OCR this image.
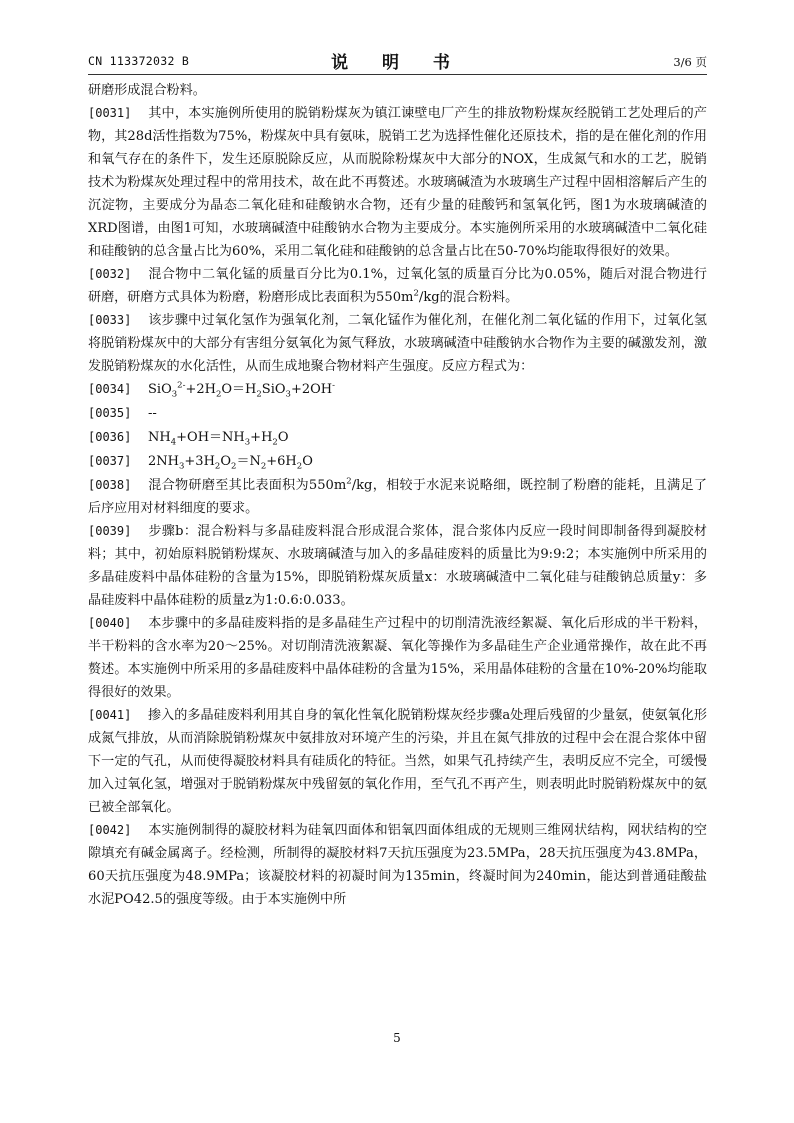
CN 113372032 B	说 明 书	3/6 页

研磨形成混合粉料。

[0031] 其中，本实施例所使用的脱销粉煤灰为镇江谏壁电厂产生的排放物粉煤灰经脱销工艺处理后的产物，其28d活性指数为75%，粉煤灰中具有氨味，脱销工艺为选择性催化还原技术，指的是在催化剂的作用和氧气存在的条件下，发生还原脱除反应，从而脱除粉煤灰中大部分的NOX，生成氮气和水的工艺，脱销技术为粉煤灰处理过程中的常用技术，故在此不再赘述。水玻璃碱渣为水玻璃生产过程中固相溶解后产生的沉淀物，主要成分为晶态二氧化硅和硅酸钠水合物，还有少量的硅酸钙和氢氧化钙，图1为水玻璃碱渣的XRD图谱，由图1可知，水玻璃碱渣中硅酸钠水合物为主要成分。本实施例所采用的水玻璃碱渣中二氧化硅和硅酸钠的总含量占比为60%，采用二氧化硅和硅酸钠的总含量占比在50-70%均能取得很好的效果。

[0032] 混合物中二氧化锰的质量百分比为0.1%，过氧化氢的质量百分比为0.05%，随后对混合物进行研磨，研磨方式具体为粉磨，粉磨形成比表面积为$550m^2/kg$的混合粉料。

[0033] 该步骤中过氧化氢作为强氧化剂，二氧化锰作为催化剂，在催化剂二氧化锰的作用下，过氧化氢将脱销粉煤灰中的大部分有害组分氨氧化为氮气释放，水玻璃碱渣中硅酸钠水合物作为主要的碱激发剂，激发脱销粉煤灰的水化活性，从而生成地聚合物材料产生强度。反应方程式为：

[0034] $SiO_3^{2-}+2H_2O=H_2SiO_3+2OH^-$

[0035] --

[0036] $NH_4+OH=NH_3+H_2O$

[0037] $2NH_3+3H_2O_2=N_2+6H_2O$

[0038] 混合物研磨至其比表面积为$550m^2/kg$，相较于水泥来说略细，既控制了粉磨的能耗，且满足了后序应用对材料细度的要求。

[0039] 步骤b：混合粉料与多晶硅废料混合形成混合浆体，混合浆体内反应一段时间即制备得到凝胶材料；其中，初始原料脱销粉煤灰、水玻璃碱渣与加入的多晶硅废料的质量比为9:9:2；本实施例中所采用的多晶硅废料中晶体硅粉的含量为15%，即脱销粉煤灰质量x：水玻璃碱渣中二氧化硅与硅酸钠总质量y：多晶硅废料中晶体硅粉的质量z为1:0.6:0.033。

[0040] 本步骤中的多晶硅废料指的是多晶硅生产过程中的切削清洗液经絮凝、氧化后形成的半干粉料，半干粉料的含水率为20～25%。对切削清洗液絮凝、氧化等操作为多晶硅生产企业通常操作，故在此不再赘述。本实施例中所采用的多晶硅废料中晶体硅粉的含量为15%，采用晶体硅粉的含量在10%-20%均能取得很好的效果。

[0041] 掺入的多晶硅废料利用其自身的氧化性氧化脱销粉煤灰经步骤a处理后残留的少量氨，使氨氧化形成氮气排放，从而消除脱销粉煤灰中氨排放对环境产生的污染，并且在氮气排放的过程中会在混合浆体中留下一定的气孔，从而使得凝胶材料具有硅质化的特征。当然，如果气孔持续产生，表明反应不完全，可缓慢加入过氧化氢，增强对于脱销粉煤灰中残留氨的氧化作用，至气孔不再产生，则表明此时脱销粉煤灰中的氨已被全部氧化。

[0042] 本实施例制得的凝胶材料为硅氧四面体和铝氧四面体组成的无规则三维网状结构，网状结构的空隙填充有碱金属离子。经检测，所制得的凝胶材料7天抗压强度为23.5MPa，28天抗压强度为43.8MPa，60天抗压强度为48.9MPa；该凝胶材料的初凝时间为135min，终凝时间为240min，能达到普通硅酸盐水泥PO42.5的强度等级。由于本实施例中所

5
